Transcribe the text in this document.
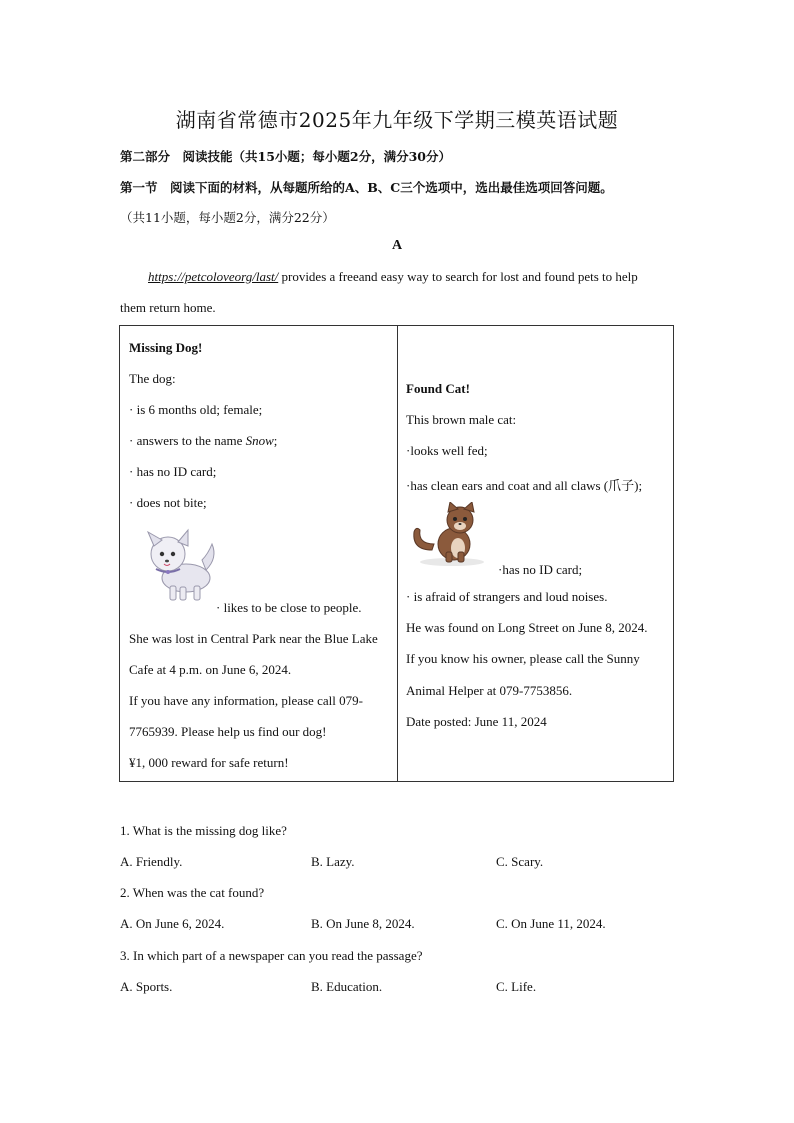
湖南省常德市2025年九年级下学期三模英语试题
第二部分　阅读技能（共15小题；每小题2分，满分30分）
第一节　阅读下面的材料，从每题所给的A、B、C三个选项中，选出最佳选项回答问题。
（共11小题，每小题2分，满分22分）
A
https://petcoloveorg/last/ provides a freeand easy way to search for lost and found pets to help
them return home.
Missing Dog!
The dog:
· is 6 months old; female;
· answers to the name Snow;
· has no ID card;
· does not bite;
· likes to be close to people.
She was lost in Central Park near the Blue Lake
Cafe at 4 p.m. on June 6, 2024.
If you have any information, please call 079-
7765939. Please help us find our dog!
¥1, 000 reward for safe return!
Found Cat!
This brown male cat:
·looks well fed;
·has clean ears and coat and all claws (爪子);
·has no ID card;
· is afraid of strangers and loud noises.
He was found on Long Street on June 8, 2024.
If you know his owner, please call the Sunny
Animal Helper at 079-7753856.
Date posted: June 11, 2024
1. What is the missing dog like?
A. Friendly.	B. Lazy.	C. Scary.
2. When was the cat found?
A. On June 6, 2024.	B. On June 8, 2024.	C. On June 11, 2024.
3. In which part of a newspaper can you read the passage?
A. Sports.	B. Education.	C. Life.
